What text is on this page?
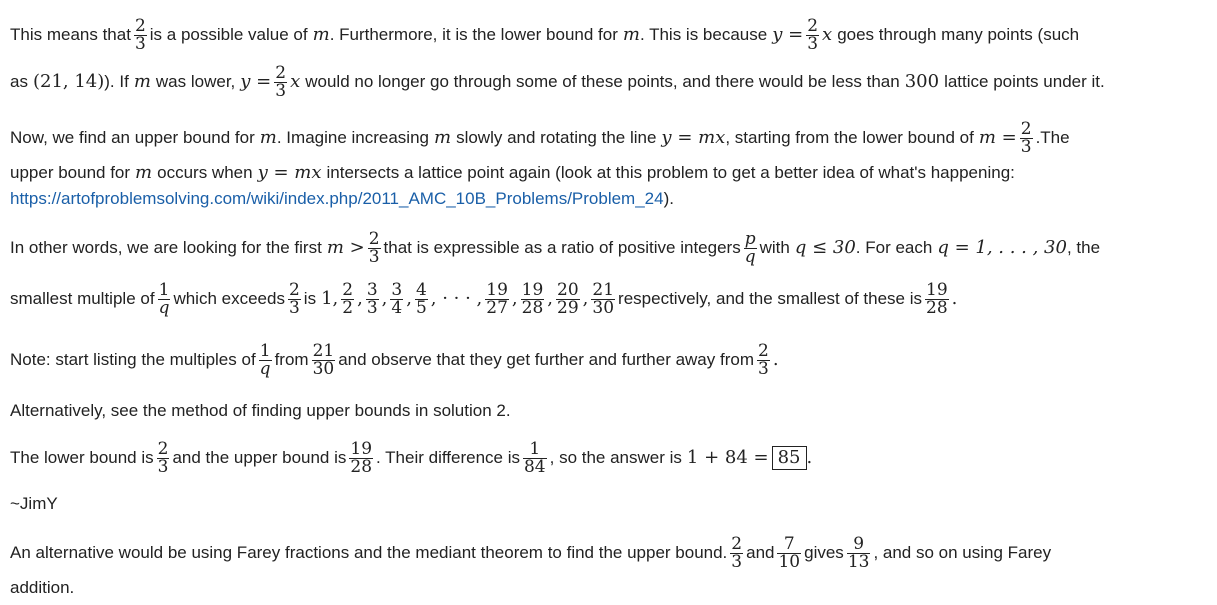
This means that $\frac{2}{3}$ is a possible value of m . Furthermore, it is the lower bound for m . This is because $y = \frac{2}{3}$ x goes through many points (such
as (21, 14) ). If m was lower, $y = \frac{2}{3}$ x would no longer go through some of these points, and there would be less than 300 lattice points under it.
Now, we find an upper bound for m . Imagine increasing m slowly and rotating the line y = mx , starting from the lower bound of $m = \frac{2}{3} .The$
upper bound for m occurs when y = mx intersects a lattice point again (look at this problem to get a better idea of what's happening:
https://artofproblemsolving.com/wiki/index.php/2011_AMC_10B_Problems/Problem_24 ).
In other words, we are looking for the first $m > \frac{2}{3}$ that is expressible as a ratio of positive integers $\frac{p}{q}$ with q ≤ 30 . For each q = 1, . . . , 30 , the
smallest multiple of $\frac{1}{q}$ which exceeds $\frac{2}{3}$ is 1, $\frac{2}{2}$ , $\frac{3}{3}$ , $\frac{3}{4}$ , $\frac{4}{5}$ , · · · , $\frac{19}{27}$ , $\frac{19}{28}$ , $\frac{20}{29}$ , $\frac{21}{30}$ respectively, and the smallest of these is $\frac{19}{28}$ .
Note: start listing the multiples of $\frac{1}{q}$ from $\frac{21}{30}$ and observe that they get further and further away from $\frac{2}{3}$ .
Alternatively, see the method of finding upper bounds in solution 2.
The lower bound is $\frac{2}{3}$ and the upper bound is $\frac{19}{28}$ . Their difference is $\frac{1}{84}$ , so the answer is 1 + 84 = 85 .
~JimY
An alternative would be using Farey fractions and the mediant theorem to find the upper bound. $\frac{2}{3}$ and $\frac{7}{10}$ gives $\frac{9}{13}$ , and so on using Farey
addition.
